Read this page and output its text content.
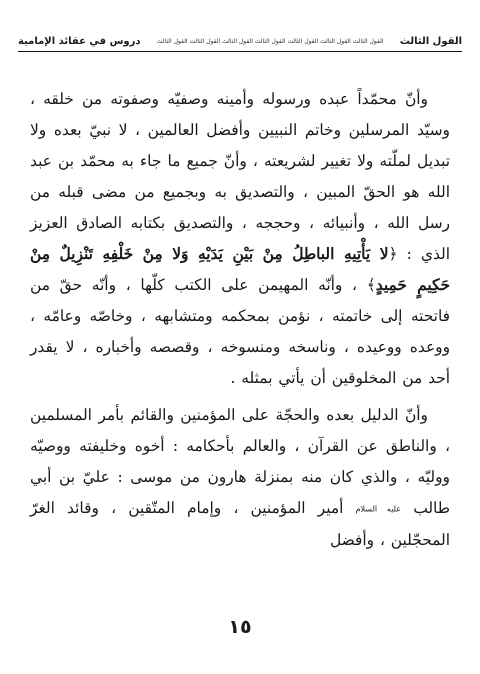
القول الثالث
القول الثالث القول الثالث القول الثالث القول الثالث القول الثالث القول الثالث القول الثالث
دروس في عقائد الإمامية

وأنّ محمّداً عبده ورسوله وأمينه وصفيّه وصفوته من خلقه ، وسيّد المرسلين وخاتم النبيين وأفضل العالمين ، لا نبيّ بعده ولا تبديل لملّته ولا تغيير لشريعته ، وأنّ جميع ما جاء به محمّد بن عبد الله هو الحقّ المبين ، والتصديق به وبجميع من مضى قبله من رسل الله ، وأنبيائه ، وحججه ، والتصديق بكتابه الصادق العزيز الذي : ﴿لا يَأْتِيهِ الباطِلُ مِنْ بَيْنِ يَدَيْهِ وَلا مِنْ خَلْفِهِ تَنْزِيلٌ مِنْ حَكِيمٍ حَمِيدٍ﴾ ، وأنّه المهيمن على الكتب كلّها ، وأنّه حقّ من فاتحته إلى خاتمته ، نؤمن بمحكمه ومتشابهه ، وخاصّه وعامّه ، ووعده ووعيده ، وناسخه ومنسوخه ، وقصصه وأخباره ، لا يقدر أحد من المخلوقين أن يأتي بمثله .

وأنّ الدليل بعده والحجّة على المؤمنين والقائم بأمر المسلمين ، والناطق عن القرآن ، والعالم بأحكامه : أخوه وخليفته ووصيّه ووليّه ، والذي كان منه بمنزلة هارون من موسى : عليّ بن أبي طالب عليه السلام أمير المؤمنين ، وإمام المتّقين ، وقائد الغرّ المحجّلين ، وأفضل

١٥
